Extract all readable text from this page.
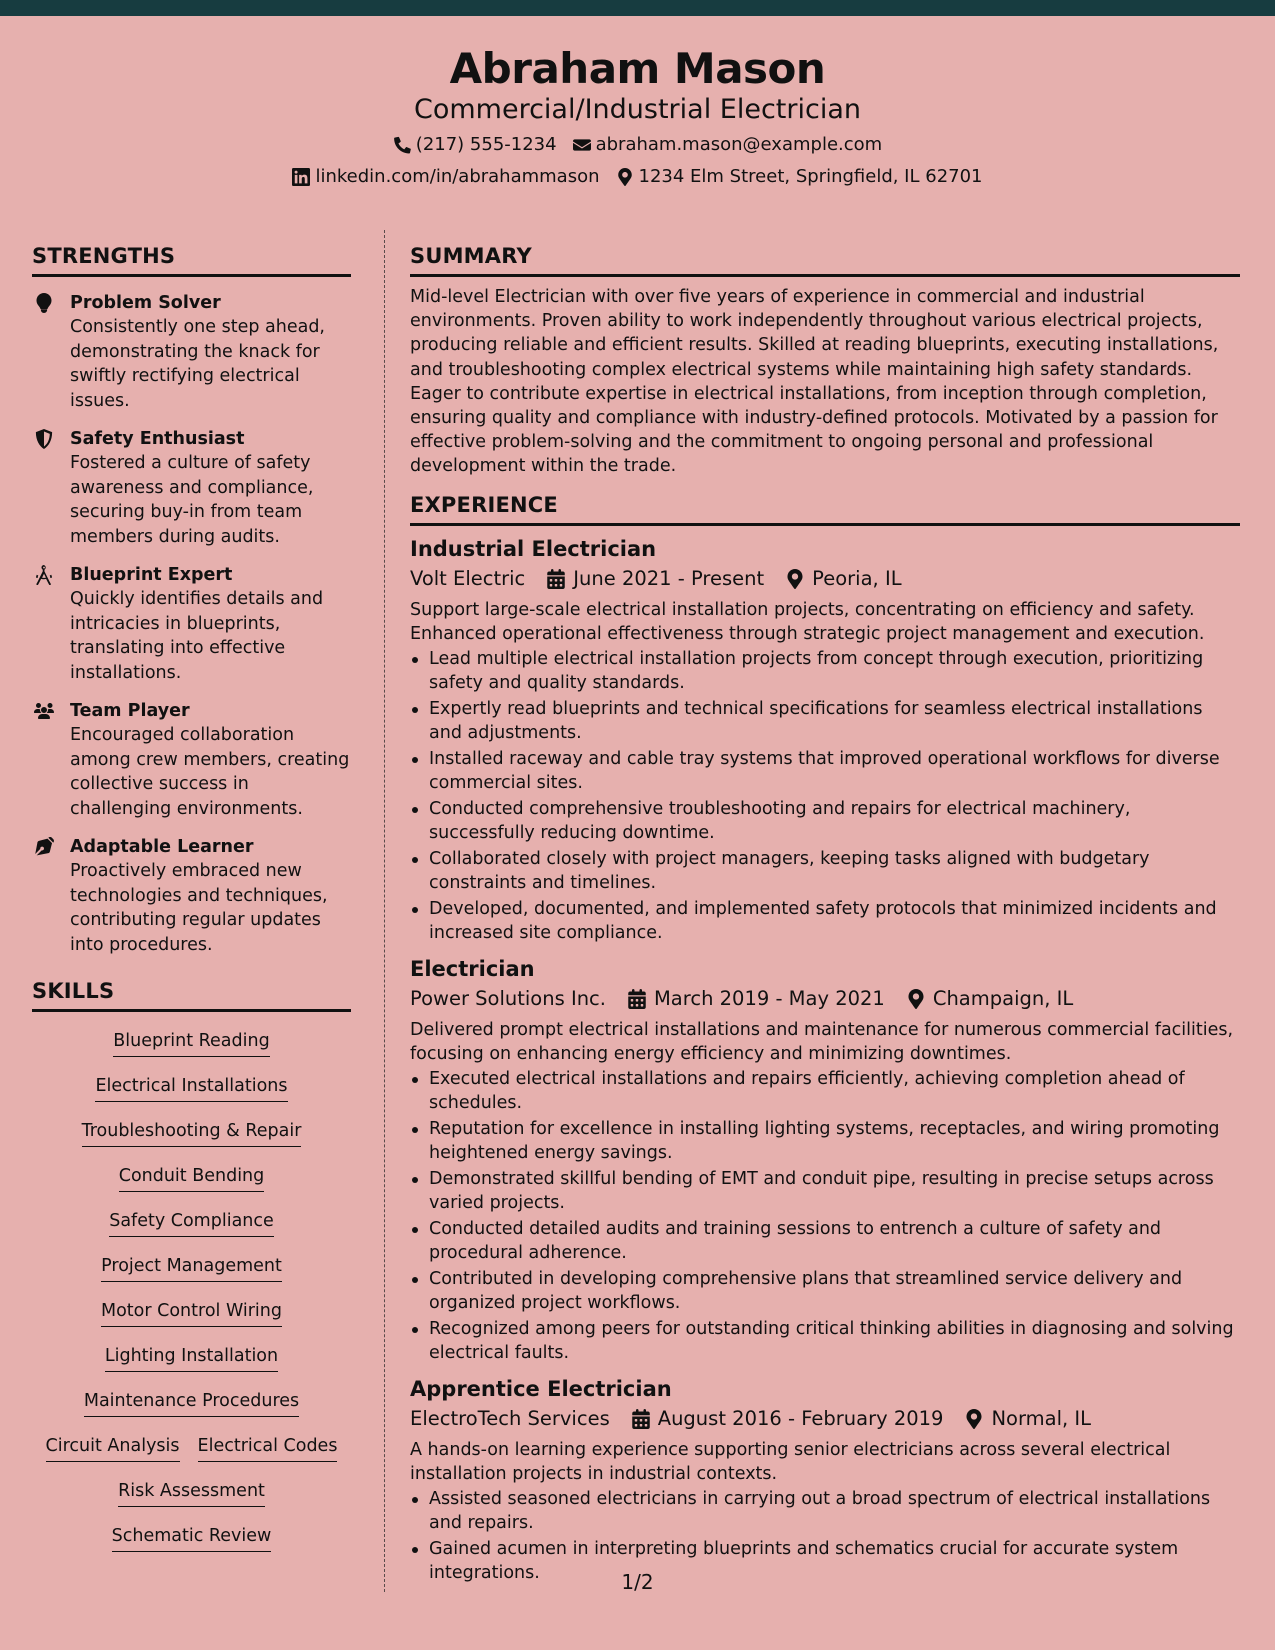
Abraham Mason
Commercial/Industrial Electrician
(217) 555-1234 abraham.mason@example.com
linkedin.com/in/abrahammason 1234 Elm Street, Springfield, IL 62701
STRENGTHS
Problem Solver
Consistently one step ahead, demonstrating the knack for swiftly rectifying electrical issues.
Safety Enthusiast
Fostered a culture of safety awareness and compliance, securing buy-in from team members during audits.
Blueprint Expert
Quickly identifies details and intricacies in blueprints, translating into effective installations.
Team Player
Encouraged collaboration among crew members, creating collective success in challenging environments.
Adaptable Learner
Proactively embraced new technologies and techniques, contributing regular updates into procedures.
SKILLS
Blueprint Reading
Electrical Installations
Troubleshooting & Repair
Conduit Bending
Safety Compliance
Project Management
Motor Control Wiring
Lighting Installation
Maintenance Procedures
Circuit Analysis Electrical Codes
Risk Assessment
Schematic Review
SUMMARY

Mid-level Electrician with over five years of experience in commercial and industrial environments. Proven ability to work independently throughout various electrical projects, producing reliable and efficient results. Skilled at reading blueprints, executing installations, and troubleshooting complex electrical systems while maintaining high safety standards. Eager to contribute expertise in electrical installations, from inception through completion, ensuring quality and compliance with industry-defined protocols. Motivated by a passion for effective problem-solving and the commitment to ongoing personal and professional development within the trade.

EXPERIENCE
Industrial Electrician
Volt Electric June 2021 - Present Peoria, IL

Support large-scale electrical installation projects, concentrating on efficiency and safety. Enhanced operational effectiveness through strategic project management and execution.

Lead multiple electrical installation projects from concept through execution, prioritizing safety and quality standards.
Expertly read blueprints and technical specifications for seamless electrical installations and adjustments.
Installed raceway and cable tray systems that improved operational workflows for diverse commercial sites.
Conducted comprehensive troubleshooting and repairs for electrical machinery, successfully reducing downtime.
Collaborated closely with project managers, keeping tasks aligned with budgetary constraints and timelines.
Developed, documented, and implemented safety protocols that minimized incidents and increased site compliance.
Electrician
Power Solutions Inc. March 2019 - May 2021 Champaign, IL

Delivered prompt electrical installations and maintenance for numerous commercial facilities, focusing on enhancing energy efficiency and minimizing downtimes.

Executed electrical installations and repairs efficiently, achieving completion ahead of schedules.
Reputation for excellence in installing lighting systems, receptacles, and wiring promoting heightened energy savings.
Demonstrated skillful bending of EMT and conduit pipe, resulting in precise setups across varied projects.
Conducted detailed audits and training sessions to entrench a culture of safety and procedural adherence.
Contributed in developing comprehensive plans that streamlined service delivery and organized project workflows.
Recognized among peers for outstanding critical thinking abilities in diagnosing and solving electrical faults.
Apprentice Electrician
ElectroTech Services August 2016 - February 2019 Normal, IL

A hands-on learning experience supporting senior electricians across several electrical installation projects in industrial contexts.

Assisted seasoned electricians in carrying out a broad spectrum of electrical installations and repairs.
Gained acumen in interpreting blueprints and schematics crucial for accurate system integrations.	1/2
